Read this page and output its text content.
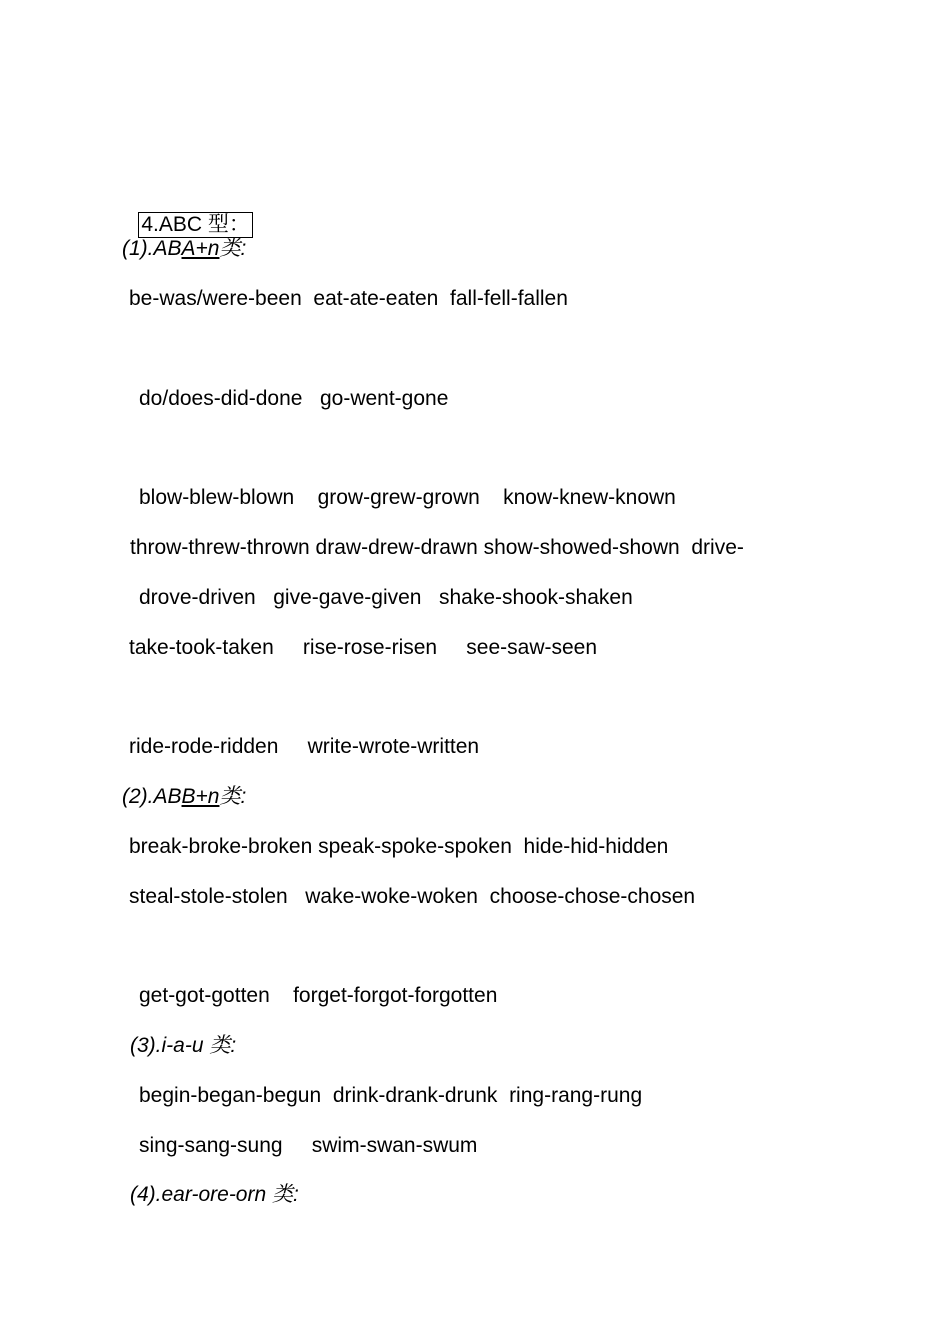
4.ABC 型：

(1).ABA+n类:
be-was/were-been  eat-ate-eaten  fall-fell-fallen
do/does-did-done   go-went-gone
blow-blew-blown    grow-grew-grown    know-knew-known
throw-threw-thrown draw-drew-drawn show-showed-shown  drive-
drove-driven   give-gave-given   shake-shook-shaken
take-took-taken     rise-rose-risen     see-saw-seen
ride-rode-ridden     write-wrote-written
(2).ABB+n类:
break-broke-broken speak-spoke-spoken  hide-hid-hidden
steal-stole-stolen   wake-woke-woken  choose-chose-chosen
get-got-gotten    forget-forgot-forgotten
(3).i-a-u 类:
begin-began-begun  drink-drank-drunk  ring-rang-rung
sing-sang-sung     swim-swan-swum
(4).ear-ore-orn 类:
